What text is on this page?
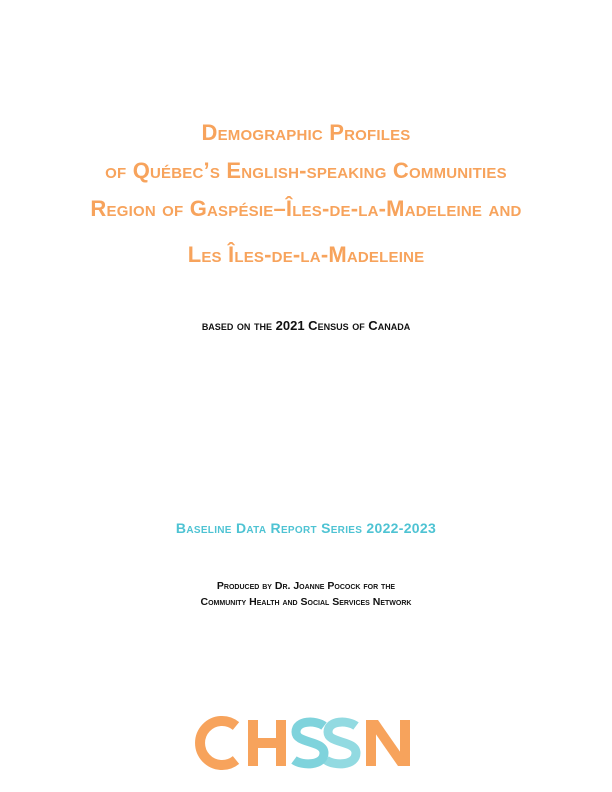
Demographic Profiles
of Québec’s English-speaking Communities
Region of Gaspésie–Îles-de-la-Madeleine and
Les Îles-de-la-Madeleine
based on the 2021 Census of Canada
Baseline Data Report Series 2022-2023
Produced by Dr. Joanne Pocock for the
Community Health and Social Services Network
